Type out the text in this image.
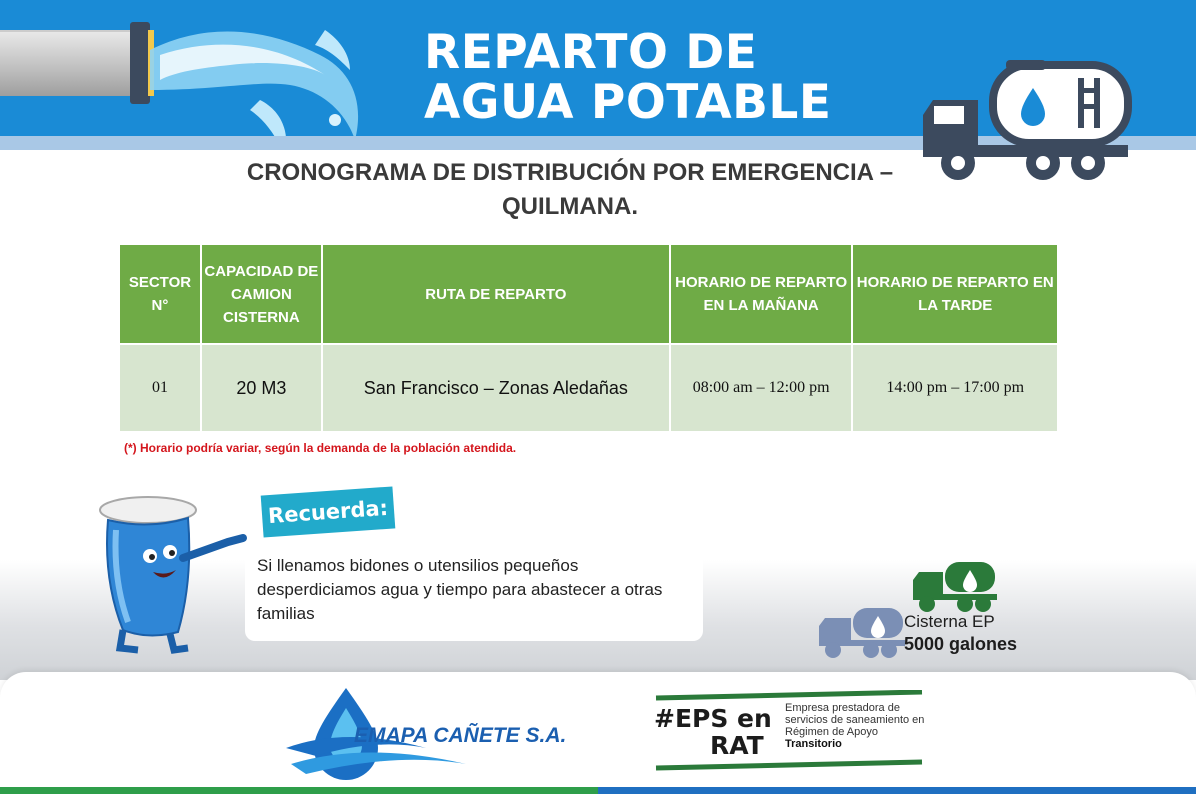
REPARTO DE
AGUA POTABLE
CRONOGRAMA DE DISTRIBUCIÓN POR EMERGENCIA –
QUILMANA.
SECTOR N°	CAPACIDAD DE CAMION CISTERNA	RUTA DE REPARTO	HORARIO DE REPARTO EN LA MAÑANA	HORARIO DE REPARTO EN LA TARDE
01	20 M3	San Francisco – Zonas Aledañas	08:00 am – 12:00 pm	14:00 pm – 17:00 pm
(*) Horario podría variar, según la demanda de la población atendida.
Recuerda:
Si llenamos bidones o utensilios pequeños desperdiciamos agua y tiempo para abastecer a otras familias	Cisterna EP
5000 galones
EMAPA CAÑETE S.A.
#EPS en
RAT
Empresa prestadora de servicios de saneamiento en Régimen de Apoyo
Transitorio
